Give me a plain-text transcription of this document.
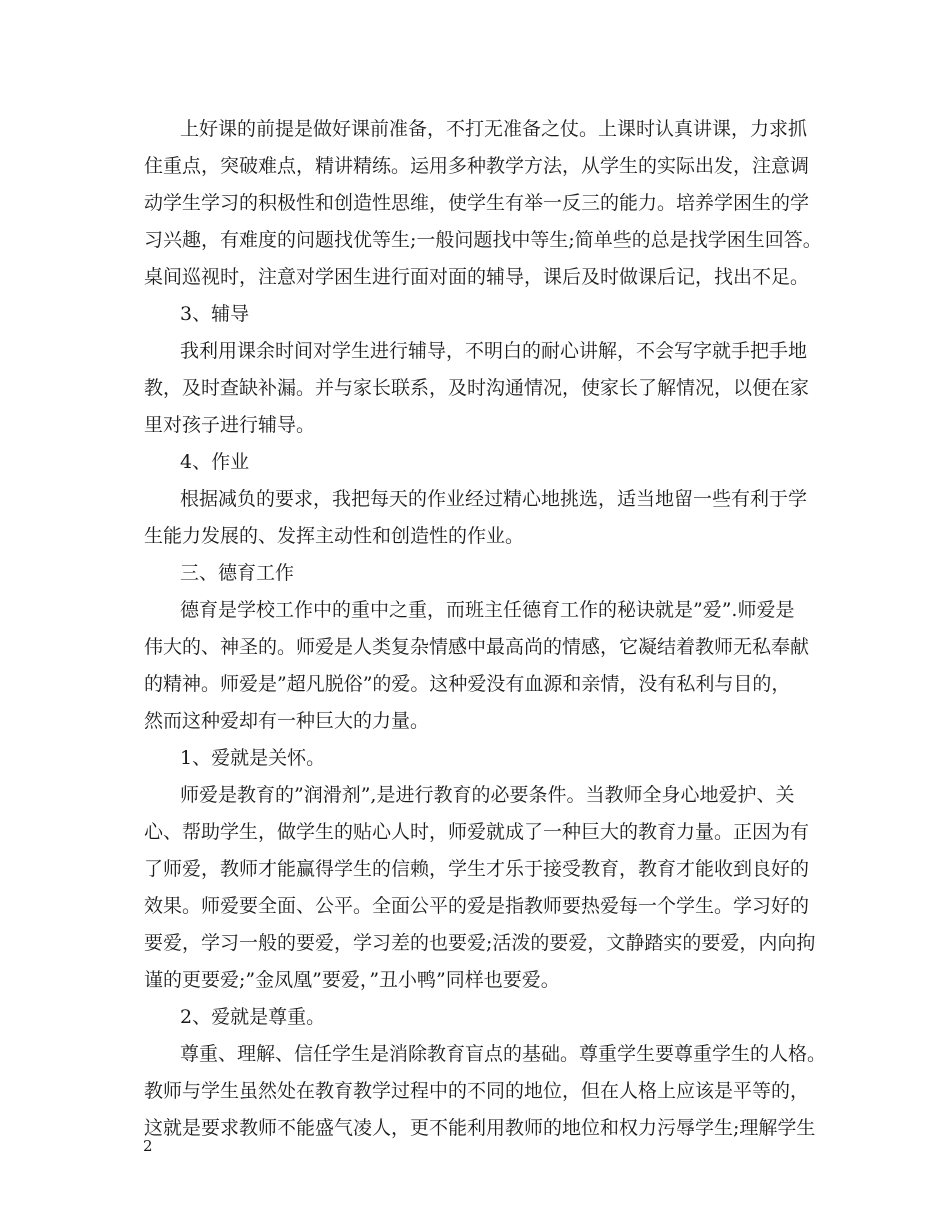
上好课的前提是做好课前准备，不打无准备之仗。上课时认真讲课，力求抓
住重点，突破难点，精讲精练。运用多种教学方法，从学生的实际出发，注意调
动学生学习的积极性和创造性思维，使学生有举一反三的能力。培养学困生的学
习兴趣，有难度的问题找优等生;一般问题找中等生;简单些的总是找学困生回答。
桌间巡视时，注意对学困生进行面对面的辅导，课后及时做课后记，找出不足。
3、辅导
我利用课余时间对学生进行辅导，不明白的耐心讲解，不会写字就手把手地
教，及时查缺补漏。并与家长联系，及时沟通情况，使家长了解情况，以便在家
里对孩子进行辅导。
4、作业
根据减负的要求，我把每天的作业经过精心地挑选，适当地留一些有利于学
生能力发展的、发挥主动性和创造性的作业。
三、德育工作
德育是学校工作中的重中之重，而班主任德育工作的秘诀就是”爱”.师爱是
伟大的、神圣的。师爱是人类复杂情感中最高尚的情感，它凝结着教师无私奉献
的精神。师爱是”超凡脱俗”的爱。这种爱没有血源和亲情，没有私利与目的，
然而这种爱却有一种巨大的力量。
1、爱就是关怀。
师爱是教育的”润滑剂”,是进行教育的必要条件。当教师全身心地爱护、关
心、帮助学生，做学生的贴心人时，师爱就成了一种巨大的教育力量。正因为有
了师爱，教师才能赢得学生的信赖，学生才乐于接受教育，教育才能收到良好的
效果。师爱要全面、公平。全面公平的爱是指教师要热爱每一个学生。学习好的
要爱，学习一般的要爱，学习差的也要爱;活泼的要爱，文静踏实的要爱，内向拘
谨的更要爱;”金凤凰”要爱，”丑小鸭”同样也要爱。
2、爱就是尊重。
尊重、理解、信任学生是消除教育盲点的基础。尊重学生要尊重学生的人格。
教师与学生虽然处在教育教学过程中的不同的地位，但在人格上应该是平等的，
这就是要求教师不能盛气凌人，更不能利用教师的地位和权力污辱学生;理解学生
2
